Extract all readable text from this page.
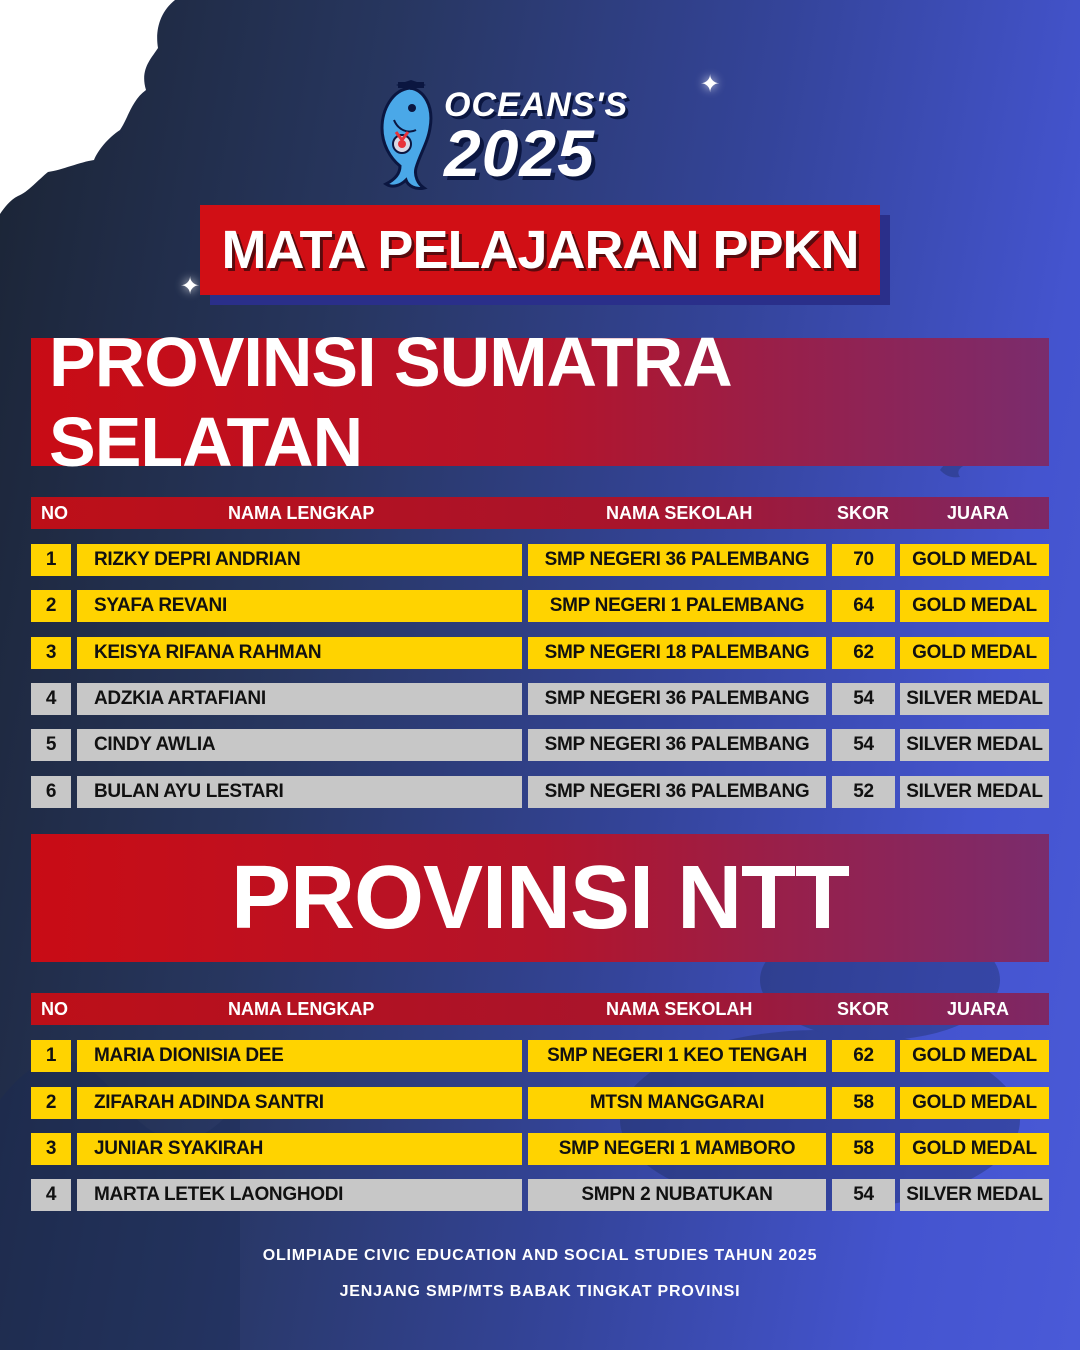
OCEANS'S
2025
✦
✦
MATA PELAJARAN PPKN
PROVINSI SUMATRA SELATAN
NO	NAMA LENGKAP	NAMA SEKOLAH	SKOR	JUARA
1	RIZKY DEPRI ANDRIAN	SMP NEGERI 36 PALEMBANG	70	GOLD MEDAL
2	SYAFA REVANI	SMP NEGERI 1 PALEMBANG	64	GOLD MEDAL
3	KEISYA RIFANA RAHMAN	SMP NEGERI 18 PALEMBANG	62	GOLD MEDAL
4	ADZKIA ARTAFIANI	SMP NEGERI 36 PALEMBANG	54	SILVER MEDAL
5	CINDY AWLIA	SMP NEGERI 36 PALEMBANG	54	SILVER MEDAL
6	BULAN AYU LESTARI	SMP NEGERI 36 PALEMBANG	52	SILVER MEDAL
PROVINSI NTT
NO	NAMA LENGKAP	NAMA SEKOLAH	SKOR	JUARA
1	MARIA DIONISIA DEE	SMP NEGERI 1 KEO TENGAH	62	GOLD MEDAL
2	ZIFARAH ADINDA SANTRI	MTSN MANGGARAI	58	GOLD MEDAL
3	JUNIAR SYAKIRAH	SMP NEGERI 1 MAMBORO	58	GOLD MEDAL
4	MARTA LETEK LAONGHODI	SMPN 2 NUBATUKAN	54	SILVER MEDAL
OLIMPIADE CIVIC EDUCATION AND SOCIAL STUDIES TAHUN 2025
JENJANG SMP/MTS BABAK TINGKAT PROVINSI
